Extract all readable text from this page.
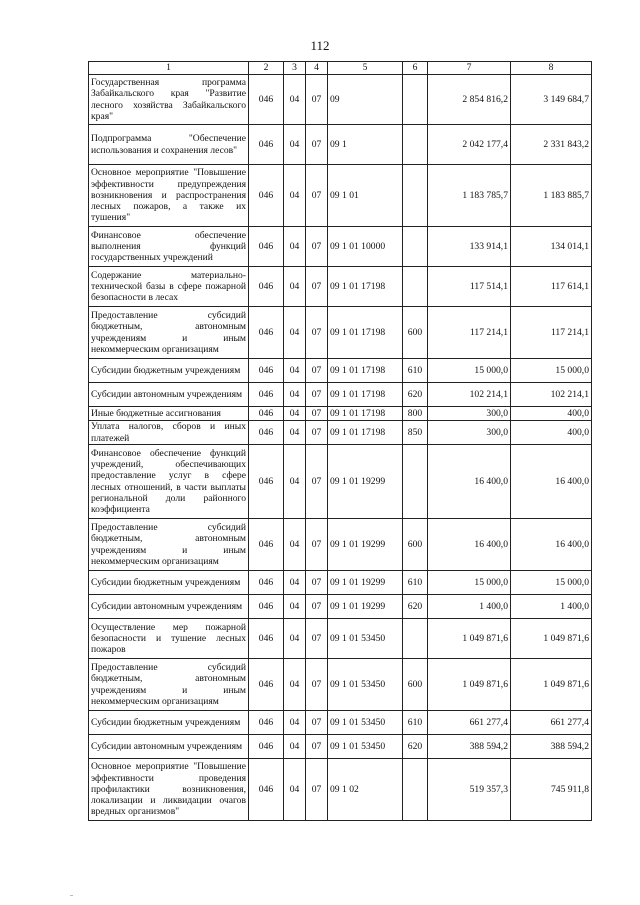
112
1	2	3	4	5	6	7	8
Государственная программа Забайкальского края "Развитие лесного хозяйства Забайкальского края"	046	04	07	09		2 854 816,2	3 149 684,7
Подпрограмма "Обеспечение использования и сохранения лесов"	046	04	07	09 1		2 042 177,4	2 331 843,2
Основное мероприятие "Повышение эффективности предупреждения возникновения и распространения лесных пожаров, а также их тушения"	046	04	07	09 1 01		1 183 785,7	1 183 885,7
Финансовое обеспечение выполнения функций государственных учреждений	046	04	07	09 1 01 10000		133 914,1	134 014,1
Содержание материально-технической базы в сфере пожарной безопасности в лесах	046	04	07	09 1 01 17198		117 514,1	117 614,1
Предоставление субсидий бюджетным, автономным учреждениям и иным некоммерческим организациям	046	04	07	09 1 01 17198	600	117 214,1	117 214,1
Субсидии бюджетным учреждениям	046	04	07	09 1 01 17198	610	15 000,0	15 000,0
Субсидии автономным учреждениям	046	04	07	09 1 01 17198	620	102 214,1	102 214,1
Иные бюджетные ассигнования	046	04	07	09 1 01 17198	800	300,0	400,0
Уплата налогов, сборов и иных платежей	046	04	07	09 1 01 17198	850	300,0	400,0
Финансовое обеспечение функций учреждений, обеспечивающих предоставление услуг в сфере лесных отношений, в части выплаты региональной доли районного коэффициента	046	04	07	09 1 01 19299		16 400,0	16 400,0
Предоставление субсидий бюджетным, автономным учреждениям и иным некоммерческим организациям	046	04	07	09 1 01 19299	600	16 400,0	16 400,0
Субсидии бюджетным учреждениям	046	04	07	09 1 01 19299	610	15 000,0	15 000,0
Субсидии автономным учреждениям	046	04	07	09 1 01 19299	620	1 400,0	1 400,0
Осуществление мер пожарной безопасности и тушение лесных пожаров	046	04	07	09 1 01 53450		1 049 871,6	1 049 871,6
Предоставление субсидий бюджетным, автономным учреждениям и иным некоммерческим организациям	046	04	07	09 1 01 53450	600	1 049 871,6	1 049 871,6
Субсидии бюджетным учреждениям	046	04	07	09 1 01 53450	610	661 277,4	661 277,4
Субсидии автономным учреждениям	046	04	07	09 1 01 53450	620	388 594,2	388 594,2
Основное мероприятие "Повышение эффективности проведения профилактики возникновения, локализации и ликвидации очагов вредных организмов"	046	04	07	09 1 02		519 357,3	745 911,8
